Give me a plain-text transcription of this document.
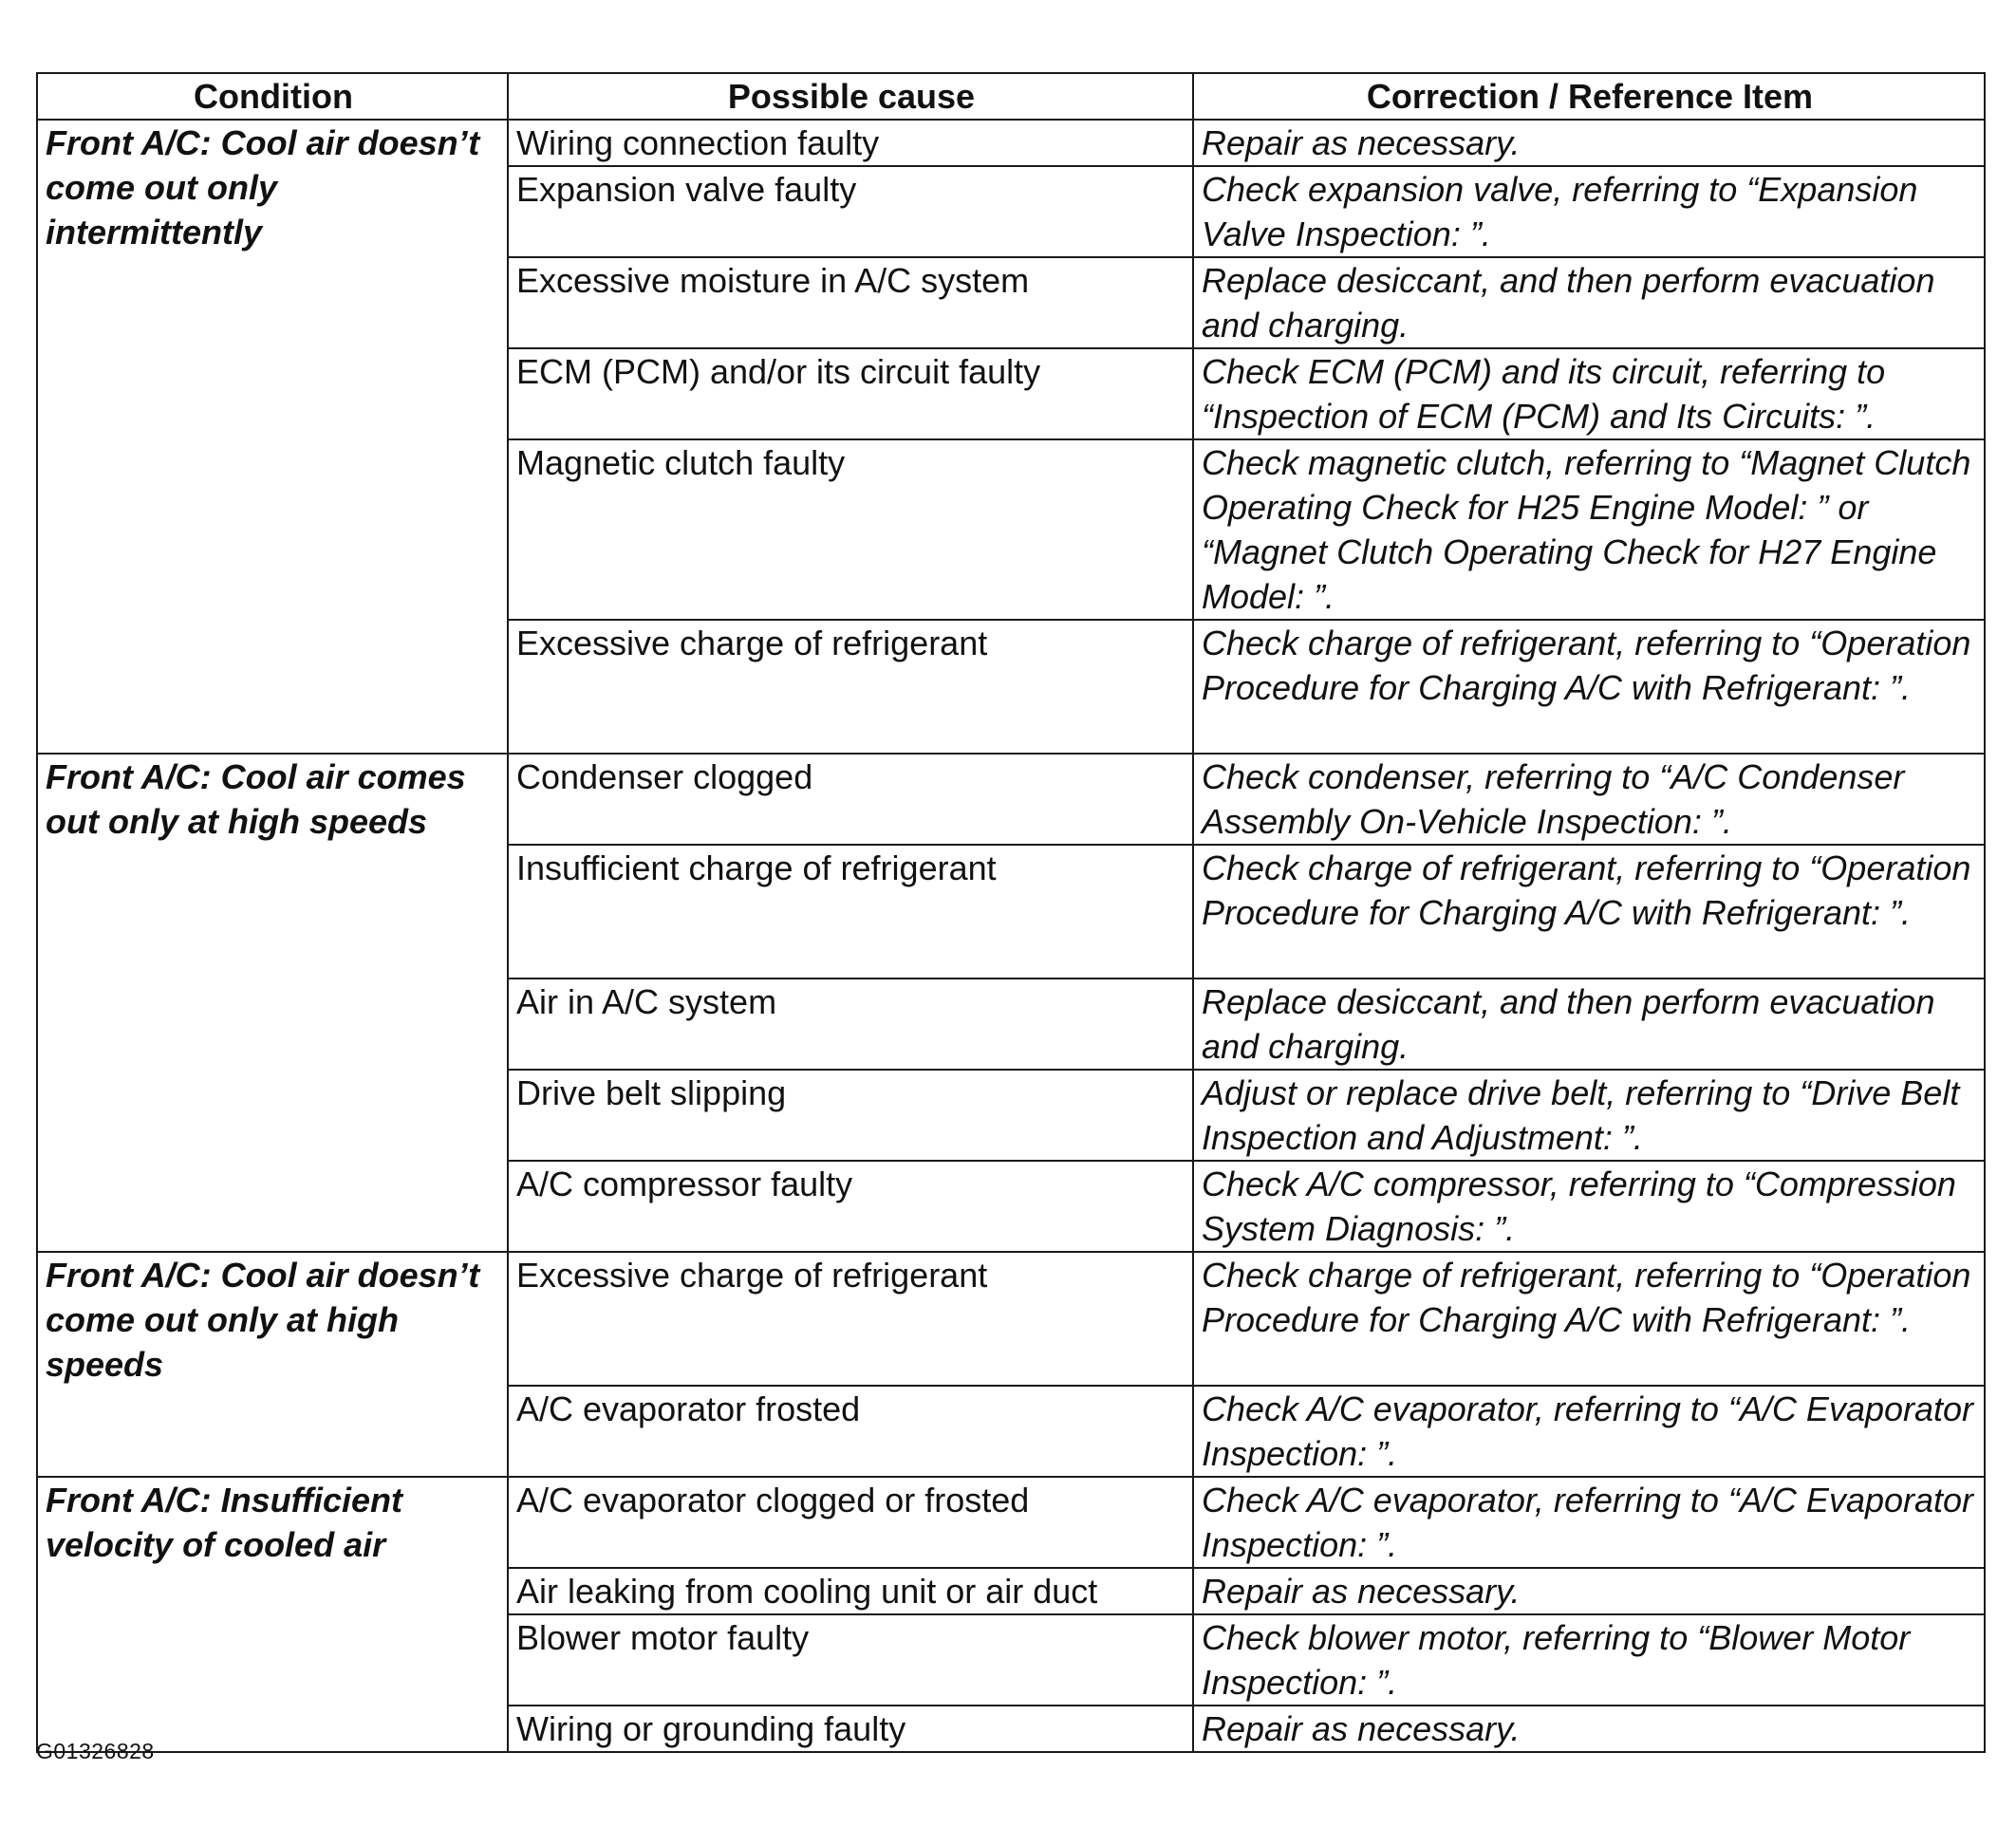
Condition	Possible cause	Correction / Reference Item
Front A/C: Cool air doesn’t come out only intermittently	Wiring connection faulty	Repair as necessary.
	Expansion valve faulty	Check expansion valve, referring to “Expansion Valve Inspection: ”.
	Excessive moisture in A/C system	Replace desiccant, and then perform evacuation and charging.
	ECM (PCM) and/or its circuit faulty	Check ECM (PCM) and its circuit, referring to “Inspection of ECM (PCM) and Its Circuits: ”.
	Magnetic clutch faulty	Check magnetic clutch, referring to “Magnet Clutch Operating Check for H25 Engine Model: ” or “Magnet Clutch Operating Check for H27 Engine Model: ”.
	Excessive charge of refrigerant	Check charge of refrigerant, referring to “Operation Procedure for Charging A/C with Refrigerant: ”.
Front A/C: Cool air comes out only at high speeds	Condenser clogged	Check condenser, referring to “A/C Condenser Assembly On-Vehicle Inspection: ”.
	Insufficient charge of refrigerant	Check charge of refrigerant, referring to “Operation Procedure for Charging A/C with Refrigerant: ”.
	Air in A/C system	Replace desiccant, and then perform evacuation and charging.
	Drive belt slipping	Adjust or replace drive belt, referring to “Drive Belt Inspection and Adjustment: ”.
	A/C compressor faulty	Check A/C compressor, referring to “Compression System Diagnosis: ”.
Front A/C: Cool air doesn’t come out only at high speeds	Excessive charge of refrigerant	Check charge of refrigerant, referring to “Operation Procedure for Charging A/C with Refrigerant: ”.
	A/C evaporator frosted	Check A/C evaporator, referring to “A/C Evaporator Inspection: ”.
Front A/C: Insufficient velocity of cooled air	A/C evaporator clogged or frosted	Check A/C evaporator, referring to “A/C Evaporator Inspection: ”.
	Air leaking from cooling unit or air duct	Repair as necessary.
	Blower motor faulty	Check blower motor, referring to “Blower Motor Inspection: ”.
	Wiring or grounding faulty	Repair as necessary.
G01326828
